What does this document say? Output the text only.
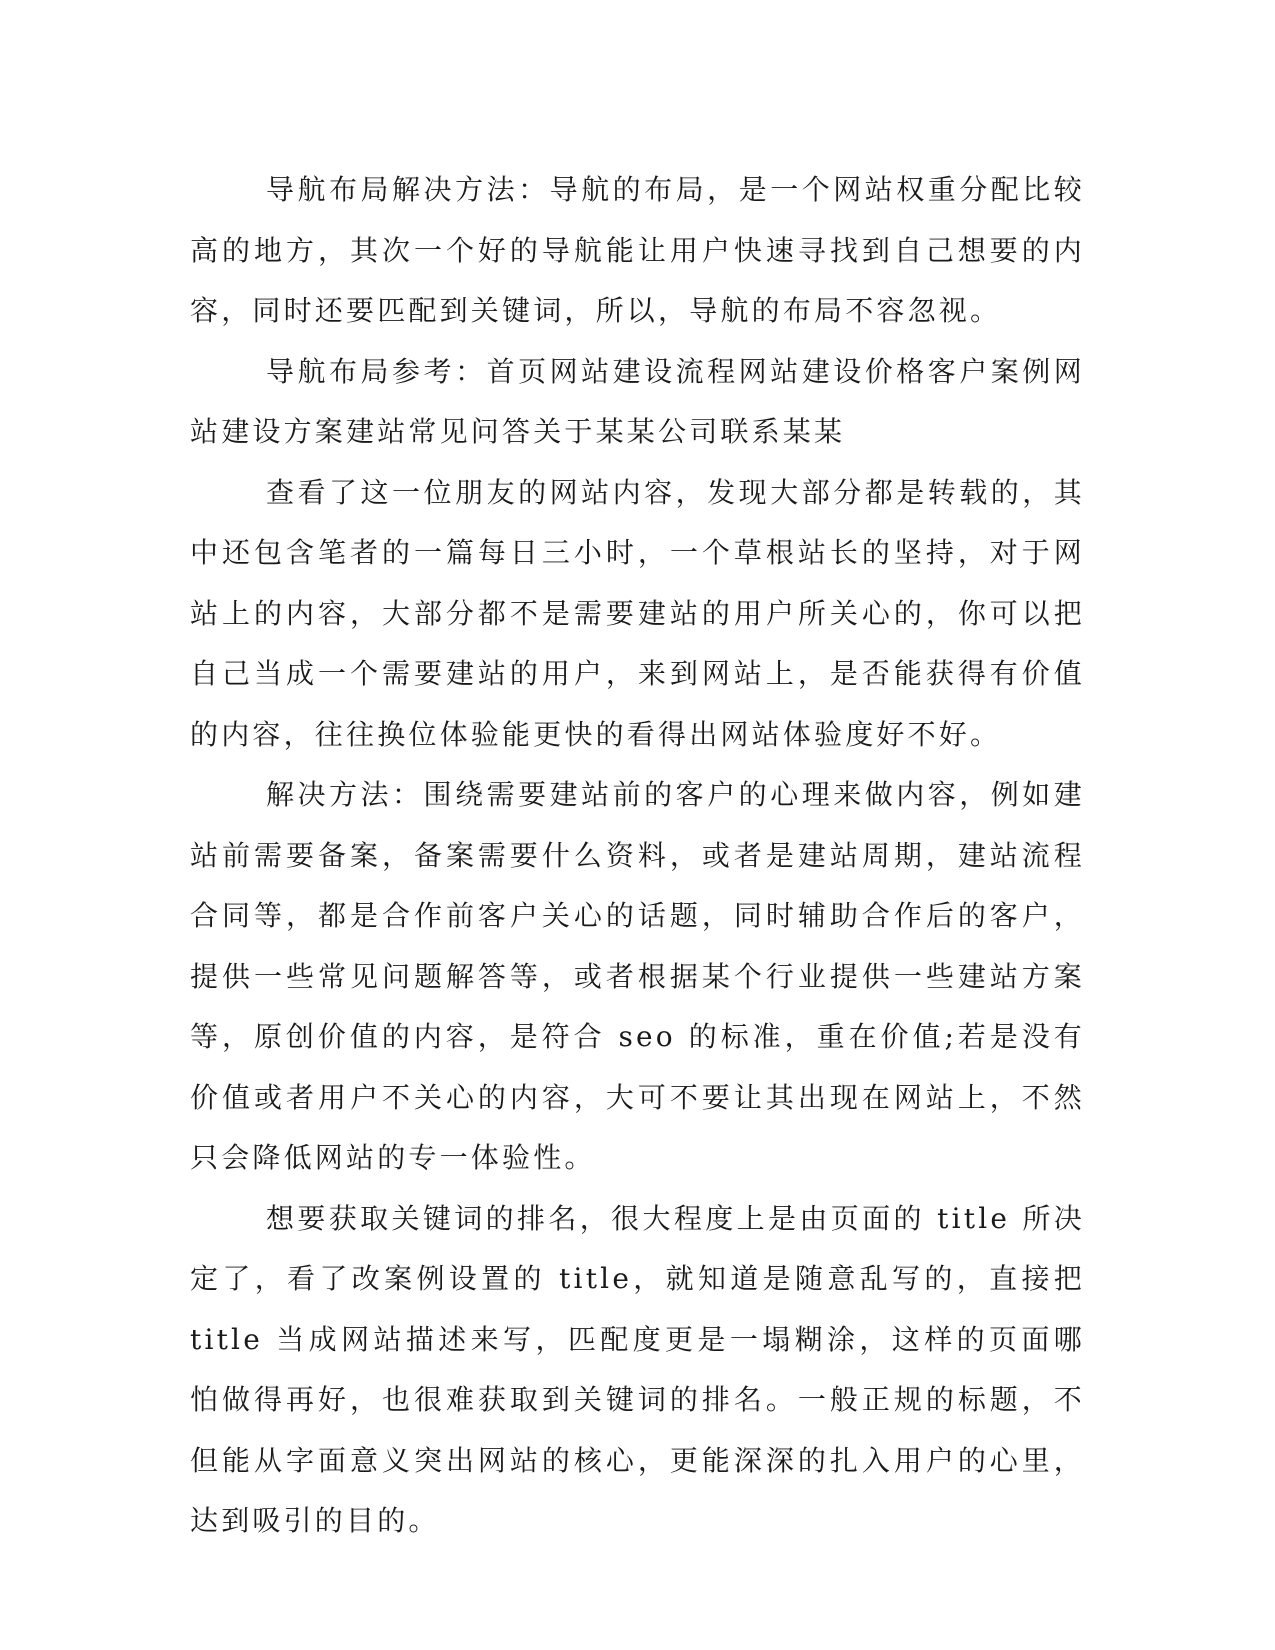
导航布局解决方法：导航的布局，是一个网站权重分配比较高的地方，其次一个好的导航能让用户快速寻找到自己想要的内容，同时还要匹配到关键词，所以，导航的布局不容忽视。

导航布局参考：首页网站建设流程网站建设价格客户案例网站建设方案建站常见问答关于某某公司联系某某

查看了这一位朋友的网站内容，发现大部分都是转载的，其中还包含笔者的一篇每日三小时，一个草根站长的坚持，对于网站上的内容，大部分都不是需要建站的用户所关心的，你可以把自己当成一个需要建站的用户，来到网站上，是否能获得有价值的内容，往往换位体验能更快的看得出网站体验度好不好。

解决方法：围绕需要建站前的客户的心理来做内容，例如建站前需要备案，备案需要什么资料，或者是建站周期，建站流程合同等，都是合作前客户关心的话题，同时辅助合作后的客户，提供一些常见问题解答等，或者根据某个行业提供一些建站方案等，原创价值的内容，是符合 seo 的标准，重在价值;若是没有价值或者用户不关心的内容，大可不要让其出现在网站上，不然只会降低网站的专一体验性。

想要获取关键词的排名，很大程度上是由页面的 title 所决定了，看了改案例设置的 title，就知道是随意乱写的，直接把 title 当成网站描述来写，匹配度更是一塌糊涂，这样的页面哪怕做得再好，也很难获取到关键词的排名。一般正规的标题，不但能从字面意义突出网站的核心，更能深深的扎入用户的心里，达到吸引的目的。
